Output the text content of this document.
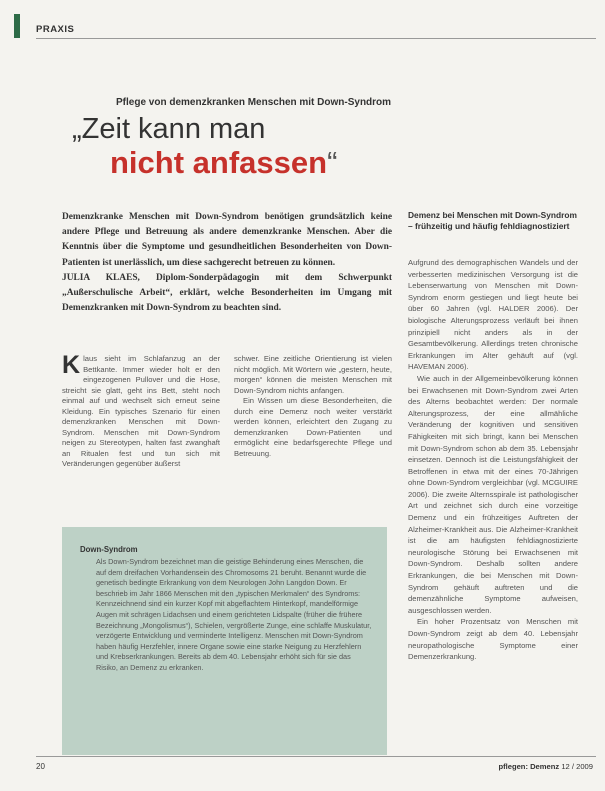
PRAXIS
Pflege von demenzkranken Menschen mit Down-Syndrom
„Zeit kann man
nicht anfassen“

Demenzkranke Menschen mit Down-Syndrom benötigen grundsätzlich keine andere Pflege und Betreuung als andere demenzkranke Menschen. Aber die Kenntnis über die Symptome und gesundheitlichen Besonderheiten von Down-Patienten ist unerlässlich, um diese sachgerecht betreuen zu können.

JULIA KLAES, Diplom-Sonderpädagogin mit dem Schwerpunkt „Außerschulische Arbeit“, erklärt, welche Besonderheiten im Umgang mit Demenzkranken mit Down-Syndrom zu beachten sind.

K laus sieht im Schlafanzug an der Bettkante. Immer wieder holt er den eingezogenen Pullover und die Hose, streicht sie glatt, geht ins Bett, steht noch einmal auf und wechselt sich erneut seine Kleidung. Ein typisches Szenario für einen demenzkranken Menschen mit Down-Syndrom. Menschen mit Down-Syndrom neigen zu Stereotypen, halten fast zwanghaft an Ritualen fest und tun sich mit Veränderungen gegenüber äußerst

schwer. Eine zeitliche Orientierung ist vielen nicht möglich. Mit Wörtern wie „gestern, heute, morgen“ können die meisten Menschen mit Down-Syndrom nichts anfangen.

Ein Wissen um diese Besonderheiten, die durch eine Demenz noch weiter verstärkt werden können, erleichtert den Zugang zu demenzkranken Down-Patienten und ermöglicht eine bedarfsgerechte Pflege und Betreuung.

Demenz bei Menschen mit Down-Syndrom – frühzeitig und häufig fehldiagnostiziert

Aufgrund des demographischen Wandels und der verbesserten medizinischen Versorgung ist die Lebenserwartung von Menschen mit Down-Syndrom enorm gestiegen und liegt heute bei über 60 Jahren (vgl. HALDER 2006). Der biologische Alterungsprozess verläuft bei ihnen prinzipiell nicht anders als in der Gesamtbevölkerung. Allerdings treten chronische Erkrankungen im Alter gehäuft auf (vgl. HAVEMAN 2006).

Wie auch in der Allgemeinbevölkerung können bei Erwachsenen mit Down-Syndrom zwei Arten des Alterns beobachtet werden: Der normale Alterungsprozess, der eine allmähliche Veränderung der kognitiven und sensitiven Fähigkeiten mit sich bringt, kann bei Menschen mit Down-Syndrom schon ab dem 35. Lebensjahr einsetzen. Dennoch ist die Leistungsfähigkeit der Betroffenen in etwa mit der eines 70-Jährigen ohne Down-Syndrom vergleichbar (vgl. MCGUIRE 2006). Die zweite Alternsspirale ist pathologischer Art und zeichnet sich durch eine vorzeitige Demenz und ein frühzeitiges Auftreten der Alzheimer-Krankheit aus. Die Alzheimer-Krankheit ist die am häufigsten fehldiagnostizierte neurologische Störung bei Erwachsenen mit Down-Syndrom. Deshalb sollten andere Erkrankungen, die bei Menschen mit Down-Syndrom gehäuft auftreten und die demenzähnliche Symptome aufweisen, ausgeschlossen werden.

Ein hoher Prozentsatz von Menschen mit Down-Syndrom zeigt ab dem 40. Lebensjahr neuropathologische Symptome einer Demenzerkrankung.

Down-Syndrom

Als Down-Syndrom bezeichnet man die geistige Behinderung eines Menschen, die auf dem dreifachen Vorhandensein des Chromosoms 21 beruht. Benannt wurde die genetisch bedingte Erkrankung von dem Neurologen John Langdon Down. Er beschrieb im Jahr 1866 Menschen mit den „typischen Merkmalen“ des Syndroms: Kennzeichnend sind ein kurzer Kopf mit abgeflachtem Hinterkopf, mandelförmige Augen mit schrägen Lidachsen und einem gerichteten Lidspalte (früher die frühere Bezeichnung „Mongolismus“), Schielen, vergrößerte Zunge, eine schlaffe Muskulatur, verzögerte Entwicklung und verminderte Intelligenz. Menschen mit Down-Syndrom haben häufig Herzfehler, innere Organe sowie eine starke Neigung zu Herzfehlern und Krebserkrankungen. Bereits ab dem 40. Lebensjahr erhöht sich für sie das Risiko, an Demenz zu erkranken.

20	pflegen: Demenz 12 / 2009
